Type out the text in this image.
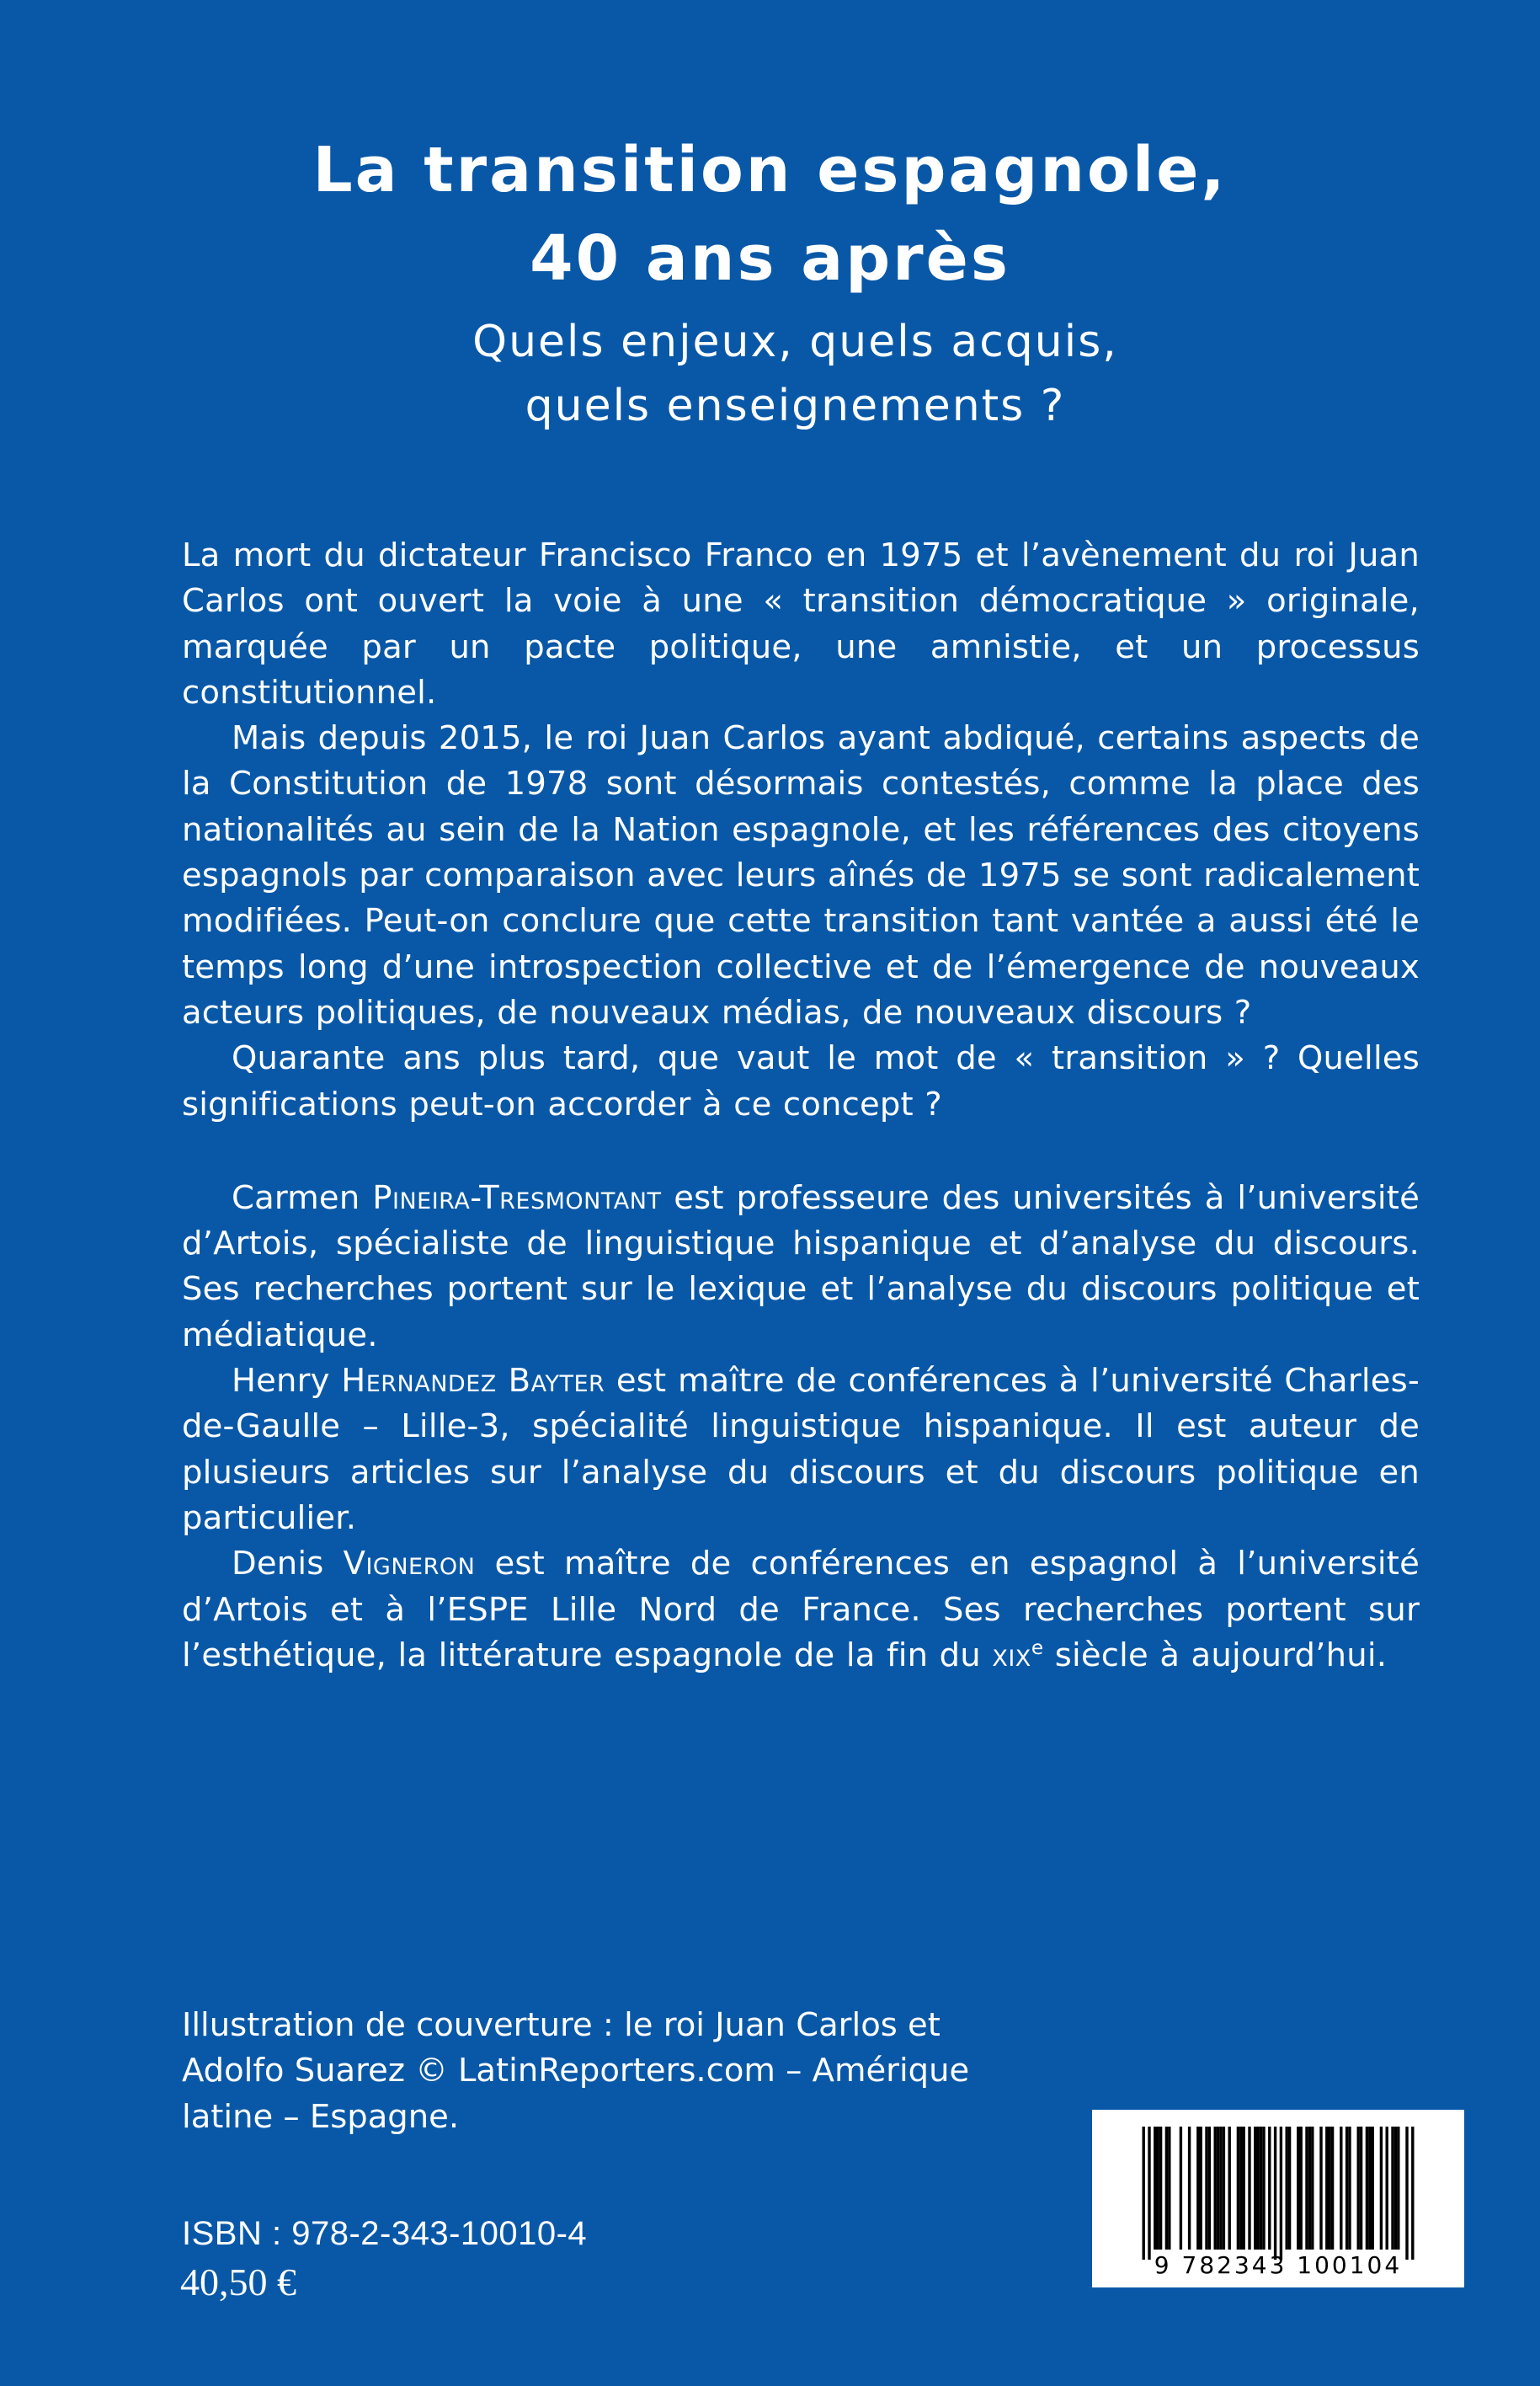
La transition espagnole,
40 ans après
Quels enjeux, quels acquis,
quels enseignements ?

La mort du dictateur Francisco Franco en 1975 et l’avènement du roi Juan Carlos ont ouvert la voie à une « transition démocratique » originale, marquée par un pacte politique, une amnistie, et un processus constitutionnel.

Mais depuis 2015, le roi Juan Carlos ayant abdiqué, certains aspects de la Constitution de 1978 sont désormais contestés, comme la place des nationalités au sein de la Nation espagnole, et les références des citoyens espagnols par comparaison avec leurs aînés de 1975 se sont radicalement modifiées. Peut-on conclure que cette transition tant vantée a aussi été le temps long d’une introspection collective et de l’émergence de nouveaux acteurs politiques, de nouveaux médias, de nouveaux discours ?

Quarante ans plus tard, que vaut le mot de « transition » ? Quelles significations peut-on accorder à ce concept ?

Carmen Pineira-Tresmontant est professeure des universités à l’université d’Artois, spécialiste de linguistique hispanique et d’analyse du discours. Ses recherches portent sur le lexique et l’analyse du discours politique et médiatique.

Henry Hernandez Bayter est maître de conférences à l’université Charles-de-Gaulle – Lille-3, spécialité linguistique hispanique. Il est auteur de plusieurs articles sur l’analyse du discours et du discours politique en particulier.

Denis Vigneron est maître de conférences en espagnol à l’université d’Artois et à l’ESPE Lille Nord de France. Ses recherches portent sur l’esthétique, la littérature espagnole de la fin du xix$^e$ siècle à aujourd’hui.

Illustration de couverture : le roi Juan Carlos et

Adolfo Suarez © LatinReporters.com – Amérique

latine – Espagne.

ISBN : 978-2-343-10010-4
40,50 €	9 782343 100104
